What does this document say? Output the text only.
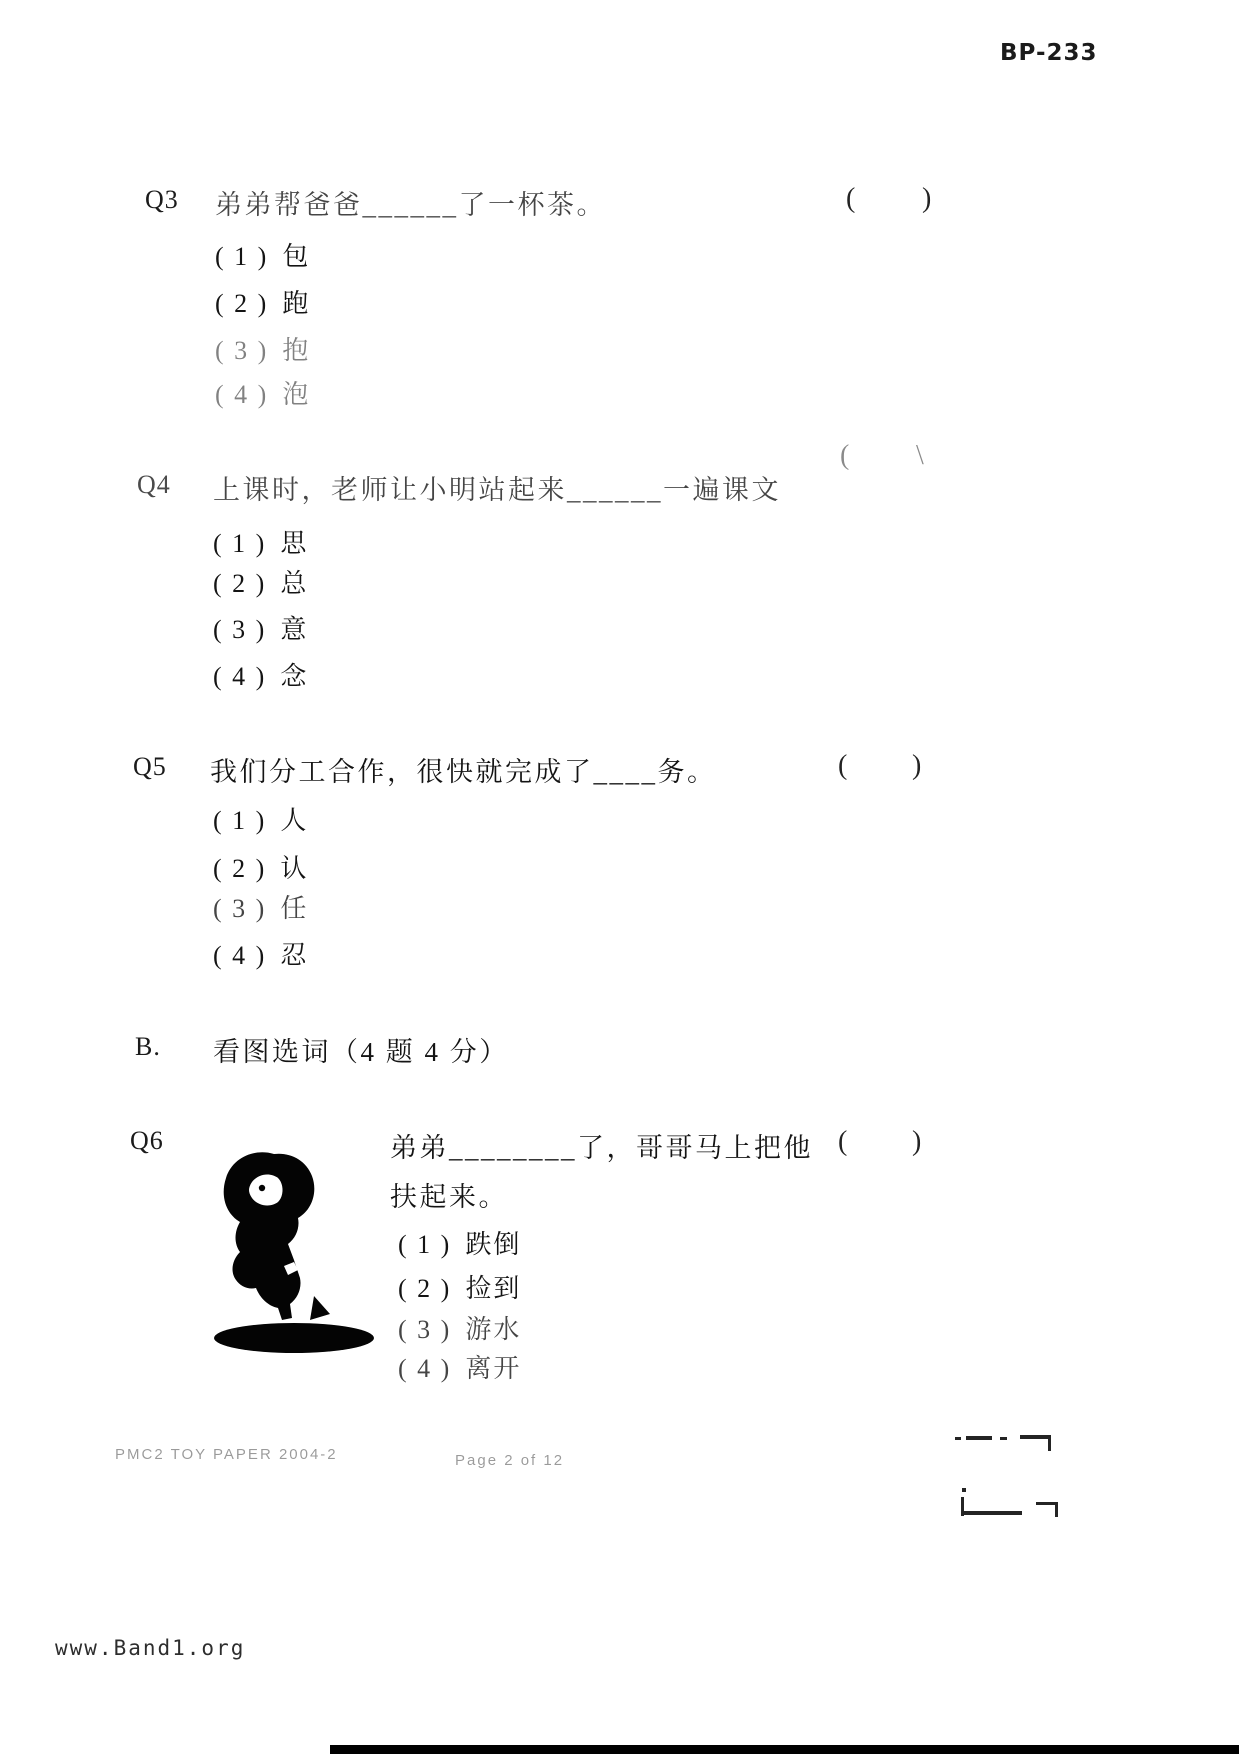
BP-233
Q3 弟弟帮爸爸______了一杯茶。	( )
( 1 ) 包
( 2 ) 跑
( 3 ) 抱
( 4 ) 泡
Q4 上课时，老师让小明站起来______一遍课文
( \
( 1 ) 思
( 2 ) 总
( 3 ) 意
( 4 ) 念
Q5 我们分工合作，很快就完成了____务。	( )
( 1 ) 人
( 2 ) 认
( 3 ) 任
( 4 ) 忍
B. 看图选词（4 题 4 分）
Q6	弟弟________了，哥哥马上把他
扶起来。
( )
( 1 ) 跌倒
( 2 ) 捡到
( 3 ) 游水
( 4 ) 离开
PMC2 TOY PAPER 2004-2	Page 2 of 12
www.Band1.org
